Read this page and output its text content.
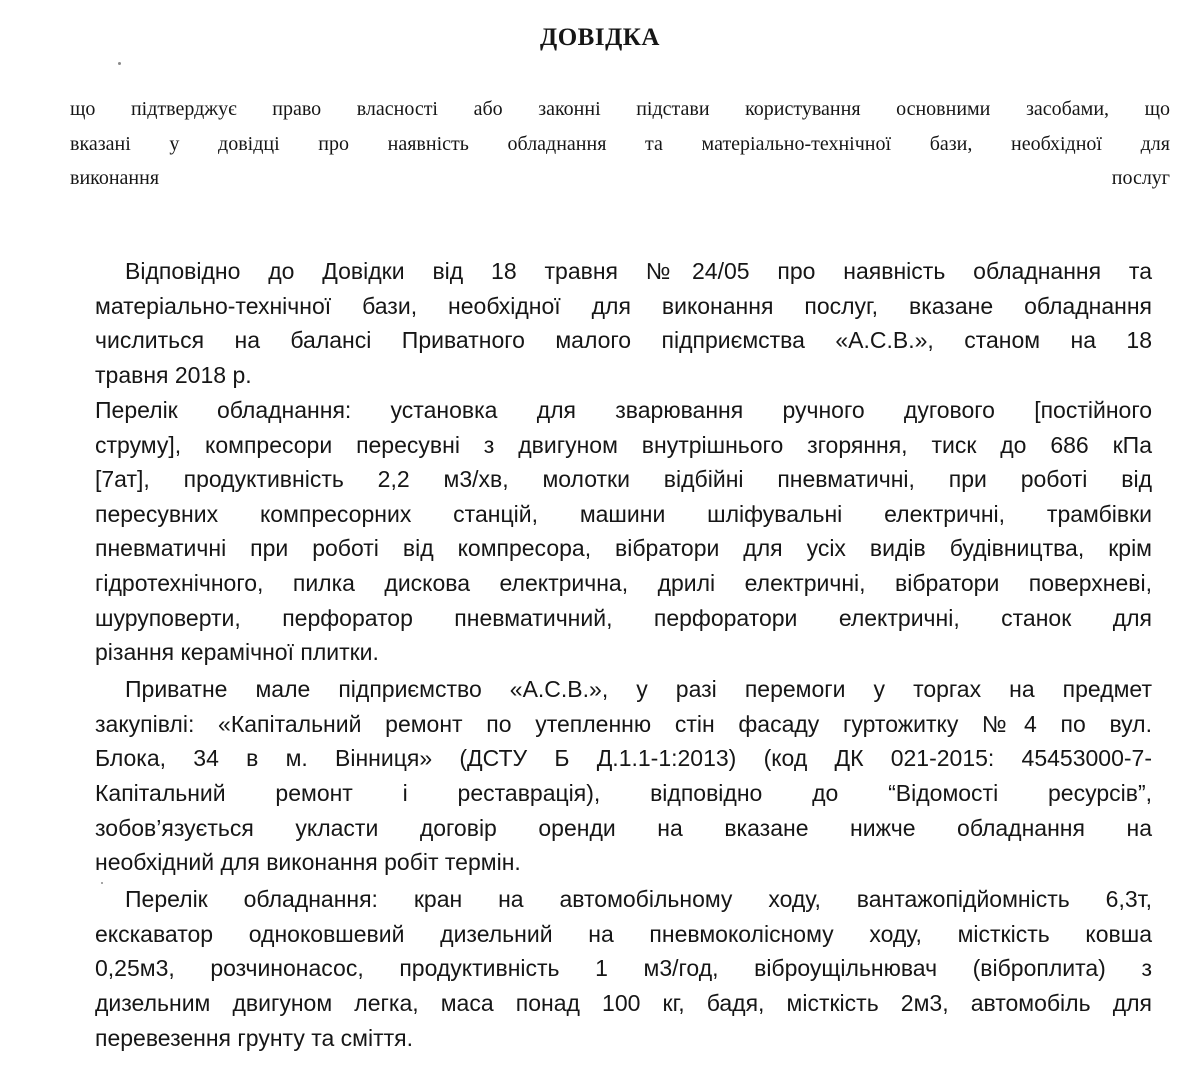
ДОВІДКА
що підтверджує право власності або законні підстави користування основними засобами, що
вказані у довідці про наявність обладнання та матеріально-технічної бази, необхідної для
виконання послуг
Відповідно до Довідки від 18 травня №24/05 про наявність обладнання та
матеріально-технічної бази, необхідної для виконання послуг, вказане обладнання
числиться на балансі Приватного малого підприємства «А.С.В.», станом на 18
травня 2018 р.
Перелік обладнання: установка для зварювання ручного дугового [постійного
струму], компресори пересувні з двигуном внутрішнього згоряння, тиск до 686 кПа
[7ат], продуктивність 2,2 м3/хв, молотки відбійні пневматичні, при роботі від
пересувних компресорних станцій, машини шліфувальні електричні, трамбівки
пневматичні при роботі від компресора, вібратори для усіх видів будівництва, крім
гідротехнічного, пилка дискова електрична, дрилі електричні, вібратори поверхневі,
шуруповерти, перфоратор пневматичний, перфоратори електричні, станок для
різання керамічної плитки.
Приватне мале підприємство «А.С.В.», у разі перемоги у торгах на предмет
закупівлі: «Капітальний ремонт по утепленню стін фасаду гуртожитку №4 по вул.
Блока, 34 в м. Вінниця» (ДСТУ Б Д.1.1-1:2013) (код ДК 021-2015: 45453000-7-
Капітальний ремонт і реставрація), відповідно до “Відомості ресурсів”,
зобов’язується укласти договір оренди на вказане нижче обладнання на
необхідний для виконання робіт термін.
Перелік обладнання: кран на автомобільному ходу, вантажопідйомність 6,3т,
екскаватор одноковшевий дизельний на пневмоколісному ходу, місткість ковша
0,25м3, розчинонасос, продуктивність 1 м3/год, віброущільнювач (віброплита) з
дизельним двигуном легка, маса понад 100 кг, бадя, місткість 2м3, автомобіль для
перевезення грунту та сміття.
